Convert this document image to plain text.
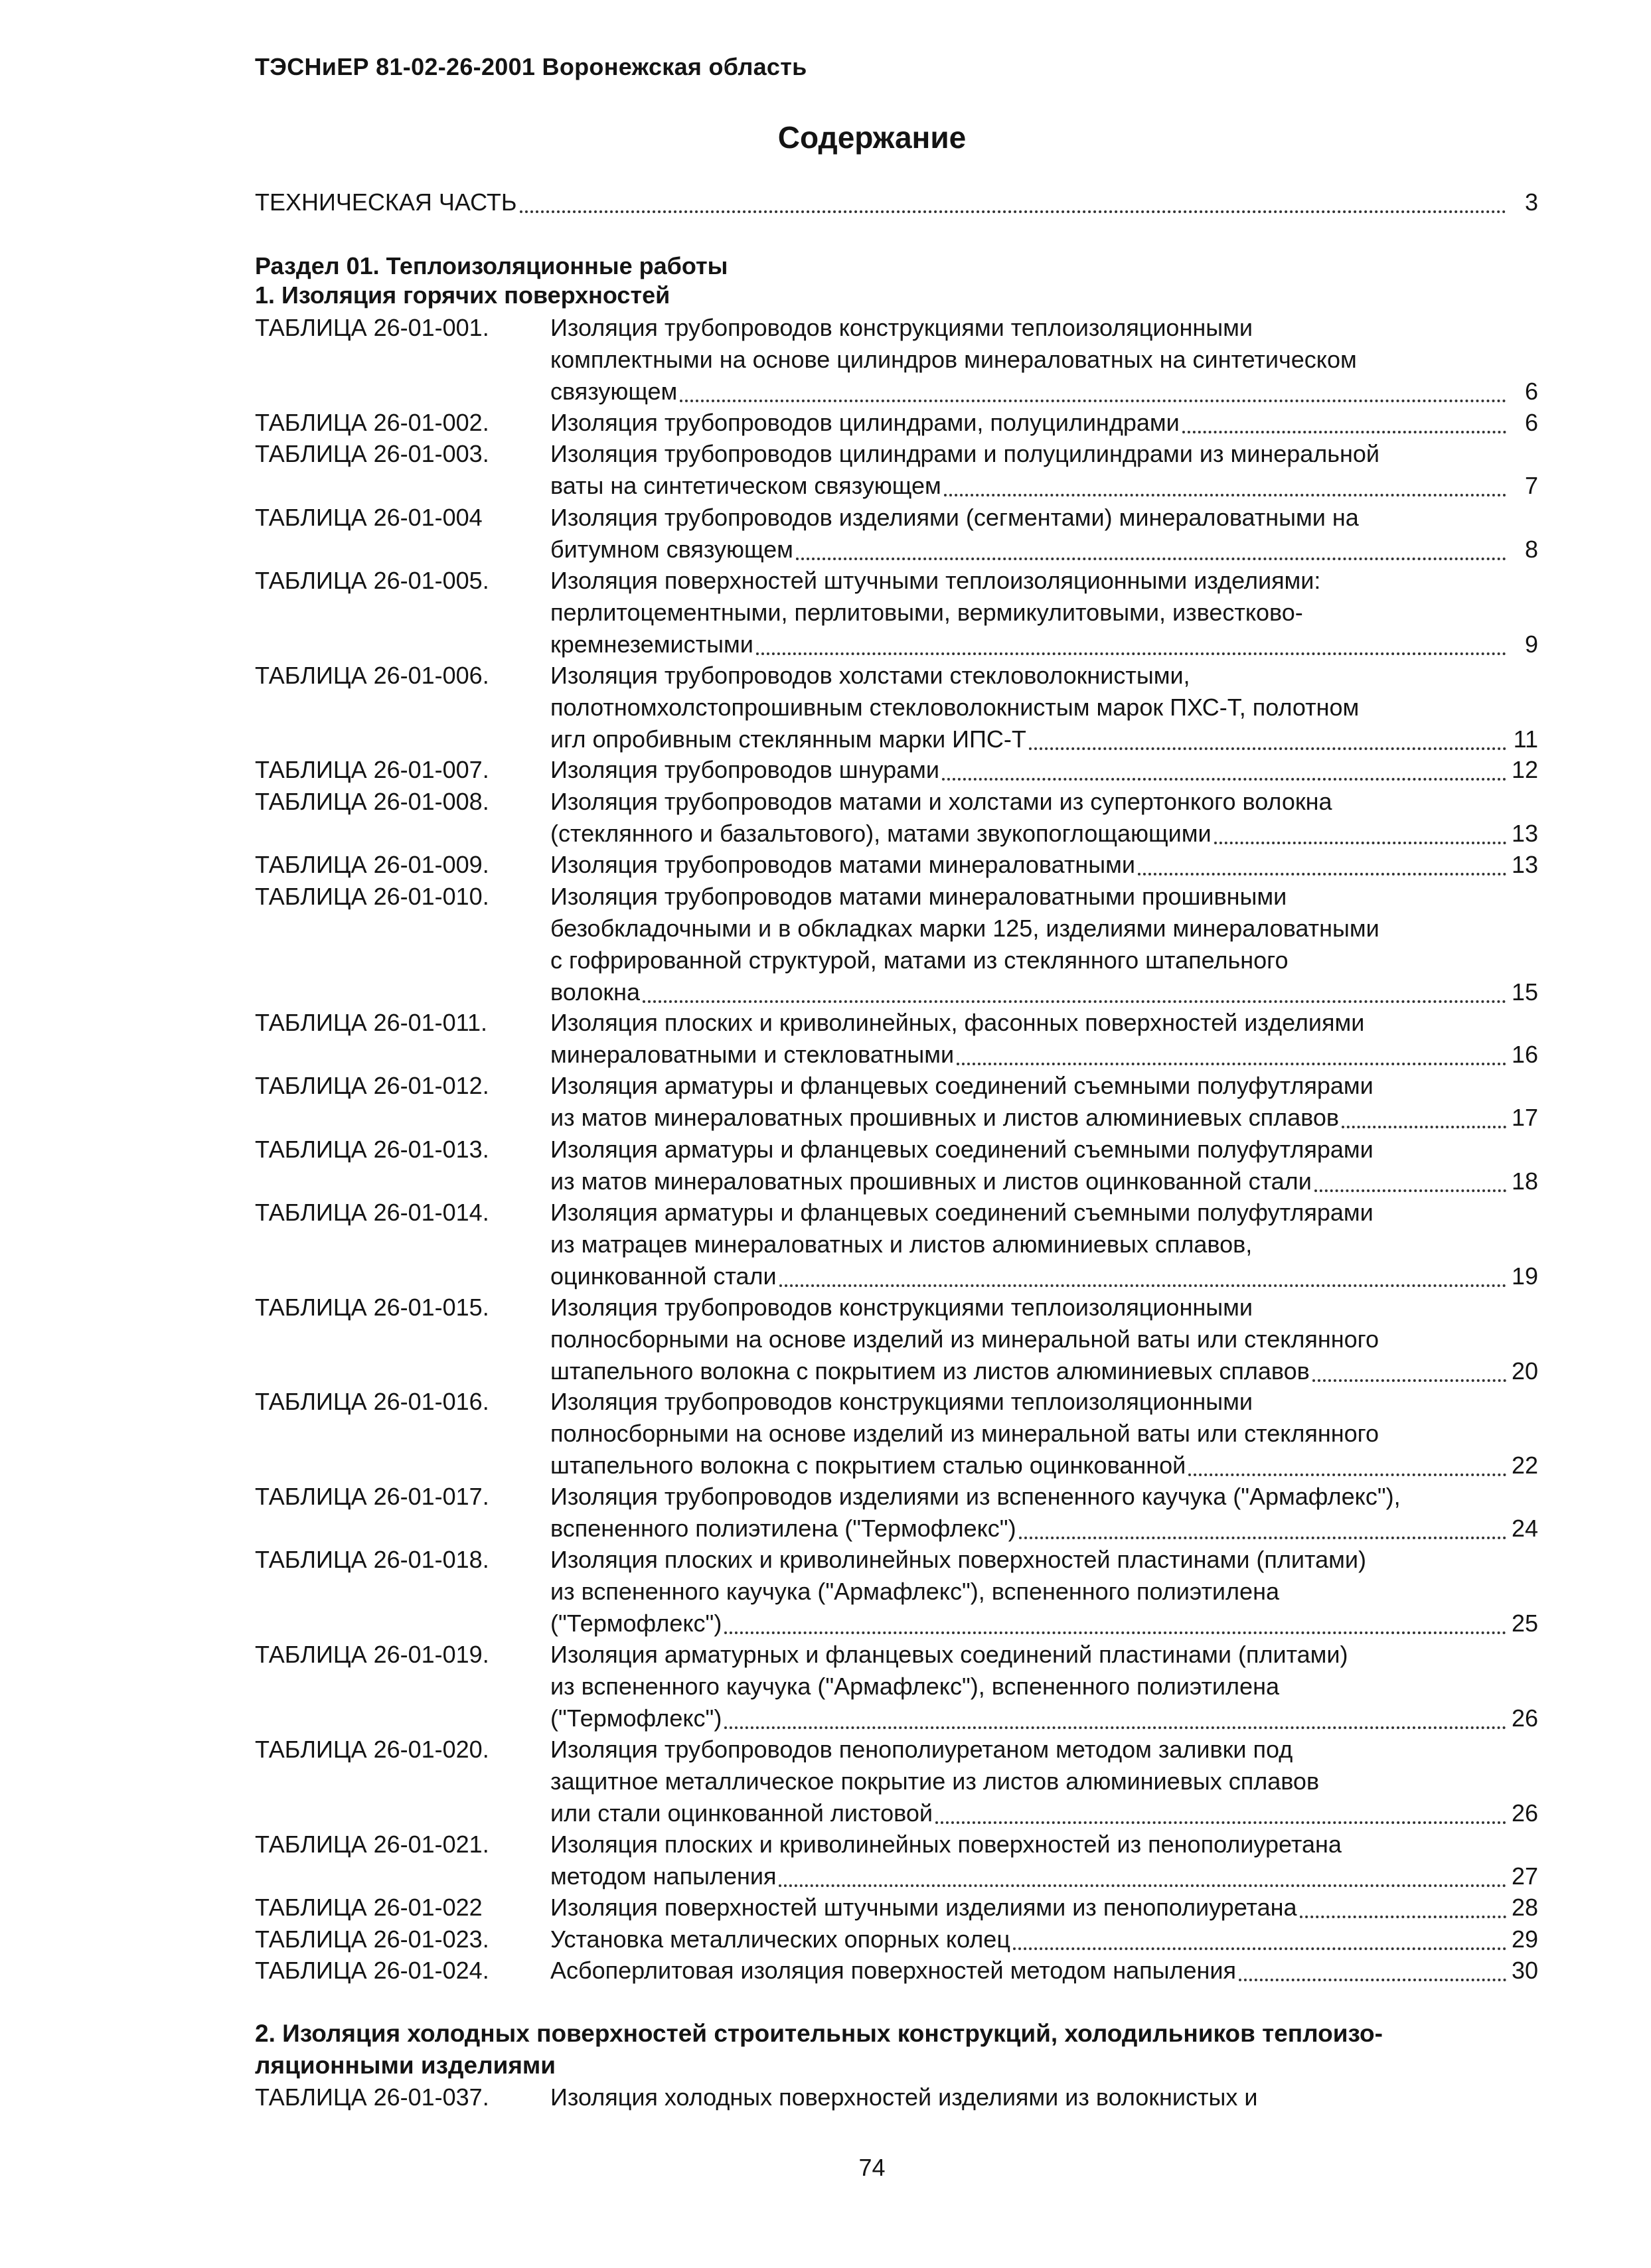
ТЭСНиЕР 81-02-26-2001 Воронежская область
Содержание
ТЕХНИЧЕСКАЯ ЧАСТЬ	3
Раздел 01. Теплоизоляционные работы
1. Изоляция горячих поверхностей
ТАБЛИЦА 26-01-001.	Изоляция трубопроводов конструкциями теплоизоляционными
комплектными на основе цилиндров минераловатных на синтетическом
связующем	6
ТАБЛИЦА 26-01-002.	Изоляция трубопроводов цилиндрами, полуцилиндрами	6
ТАБЛИЦА 26-01-003.	Изоляция трубопроводов цилиндрами и полуцилиндрами из минеральной
ваты на синтетическом связующем	7
ТАБЛИЦА 26-01-004	Изоляция трубопроводов изделиями (сегментами) минераловатными на
битумном связующем	8
ТАБЛИЦА 26-01-005.	Изоляция поверхностей штучными теплоизоляционными изделиями:
перлитоцементными, перлитовыми, вермикулитовыми, известково-
кремнеземистыми	9
ТАБЛИЦА 26-01-006.	Изоляция трубопроводов холстами стекловолокнистыми,
полотномхолстопрошивным стекловолокнистым марок ПХС-Т, полотном
игл опробивным стеклянным марки ИПС-Т	11
ТАБЛИЦА 26-01-007.	Изоляция трубопроводов шнурами	12
ТАБЛИЦА 26-01-008.	Изоляция трубопроводов матами и холстами из супертонкого волокна
(стеклянного и базальтового), матами звукопоглощающими	13
ТАБЛИЦА 26-01-009.	Изоляция трубопроводов матами минераловатными	13
ТАБЛИЦА 26-01-010.	Изоляция трубопроводов матами минераловатными прошивными
безобкладочными и в обкладках марки 125, изделиями минераловатными
с гофрированной структурой, матами из стеклянного штапельного
волокна	15
ТАБЛИЦА 26-01-011.	Изоляция плоских и криволинейных, фасонных поверхностей изделиями
минераловатными и стекловатными	16
ТАБЛИЦА 26-01-012.	Изоляция арматуры и фланцевых соединений съемными полуфутлярами
из матов минераловатных прошивных и листов алюминиевых сплавов	17
ТАБЛИЦА 26-01-013.	Изоляция арматуры и фланцевых соединений съемными полуфутлярами
из матов минераловатных прошивных и листов оцинкованной стали	18
ТАБЛИЦА 26-01-014.	Изоляция арматуры и фланцевых соединений съемными полуфутлярами
из матрацев минераловатных и листов алюминиевых сплавов,
оцинкованной стали	19
ТАБЛИЦА 26-01-015.	Изоляция трубопроводов конструкциями теплоизоляционными
полносборными на основе изделий из минеральной ваты или стеклянного
штапельного волокна с покрытием из листов алюминиевых сплавов	20
ТАБЛИЦА 26-01-016.	Изоляция трубопроводов конструкциями теплоизоляционными
полносборными на основе изделий из минеральной ваты или стеклянного
штапельного волокна с покрытием сталью оцинкованной	22
ТАБЛИЦА 26-01-017.	Изоляция трубопроводов изделиями из вспененного каучука ("Армафлекс"),
вспененного полиэтилена ("Термофлекс")	24
ТАБЛИЦА 26-01-018.	Изоляция плоских и криволинейных поверхностей пластинами (плитами)
из вспененного каучука ("Армафлекс"), вспененного полиэтилена
("Термофлекс")	25
ТАБЛИЦА 26-01-019.	Изоляция арматурных и фланцевых соединений пластинами (плитами)
из вспененного каучука ("Армафлекс"), вспененного полиэтилена
("Термофлекс")	26
ТАБЛИЦА 26-01-020.	Изоляция трубопроводов пенополиуретаном методом заливки под
защитное металлическое покрытие из листов алюминиевых сплавов
или стали оцинкованной листовой	26
ТАБЛИЦА 26-01-021.	Изоляция плоских и криволинейных поверхностей из пенополиуретана
методом напыления	27
ТАБЛИЦА 26-01-022	Изоляция поверхностей штучными изделиями из пенополиуретана	28
ТАБЛИЦА 26-01-023.	Установка металлических опорных колец	29
ТАБЛИЦА 26-01-024.	Асбоперлитовая изоляция поверхностей методом напыления	30
2. Изоляция холодных поверхностей строительных конструкций, холодильников теплоизо-
ляционными изделиями
ТАБЛИЦА 26-01-037.	Изоляция холодных поверхностей изделиями из волокнистых и
74
